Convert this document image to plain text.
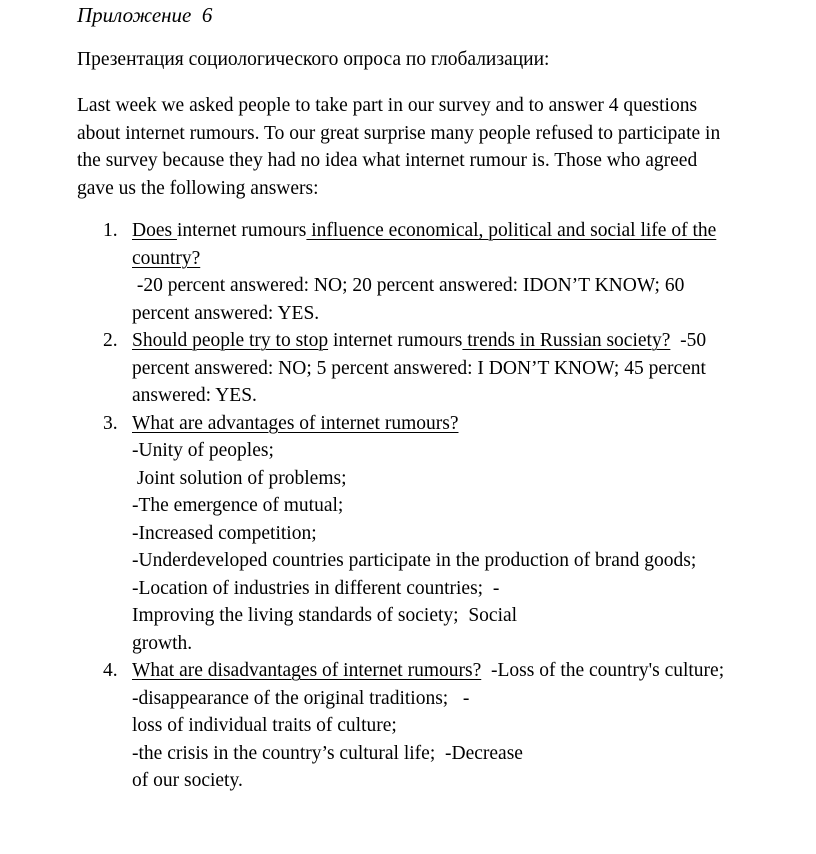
Приложение  6
Презентация социологического опроса по глобализации:
Last week we asked people to take part in our survey and to answer 4 questions
about internet rumours. To our great surprise many people refused to participate in
the survey because they had no idea what internet rumour is. Those who agreed
gave us the following answers:
1. Does internet rumours influence economical, political and social life of the
country?
-20 percent answered: NO; 20 percent answered: IDON’T KNOW; 60
percent answered: YES.
2. Should people try to stop internet rumours trends in Russian society?  -50
percent answered: NO; 5 percent answered: I DON’T KNOW; 45 percent
answered: YES.
3. What are advantages of internet rumours?
-Unity of peoples;
Joint solution of problems;
-The emergence of mutual;
-Increased competition;
-Underdeveloped countries participate in the production of brand goods;
-Location of industries in different countries;  -
Improving the living standards of society;  Social
growth.
4. What are disadvantages of internet rumours?  -Loss of the country's culture;
-disappearance of the original traditions;   -
loss of individual traits of culture;
-the crisis in the country’s cultural life;  -Decrease
of our society.
